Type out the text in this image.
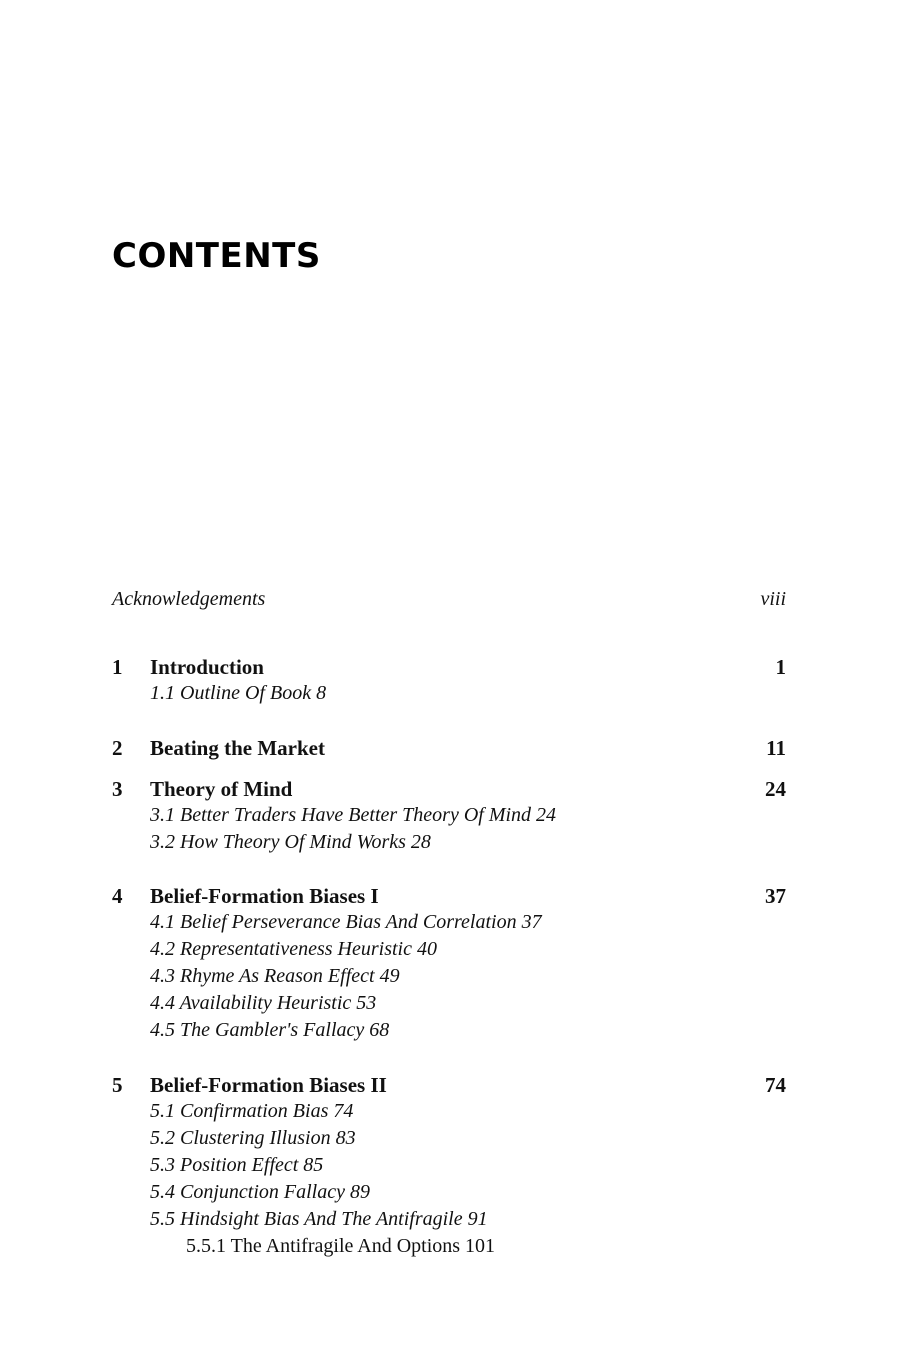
CONTENTS
Acknowledgements	viii
1 Introduction	1
1.1 Outline Of Book 8
2 Beating the Market	11
3 Theory of Mind	24
3.1 Better Traders Have Better Theory Of Mind 24
3.2 How Theory Of Mind Works 28
4 Belief-Formation Biases I	37
4.1 Belief Perseverance Bias And Correlation 37
4.2 Representativeness Heuristic 40
4.3 Rhyme As Reason Effect 49
4.4 Availability Heuristic 53
4.5 The Gambler's Fallacy 68
5 Belief-Formation Biases II	74
5.1 Confirmation Bias 74
5.2 Clustering Illusion 83
5.3 Position Effect 85
5.4 Conjunction Fallacy 89
5.5 Hindsight Bias And The Antifragile 91
5.5.1 The Antifragile And Options 101
